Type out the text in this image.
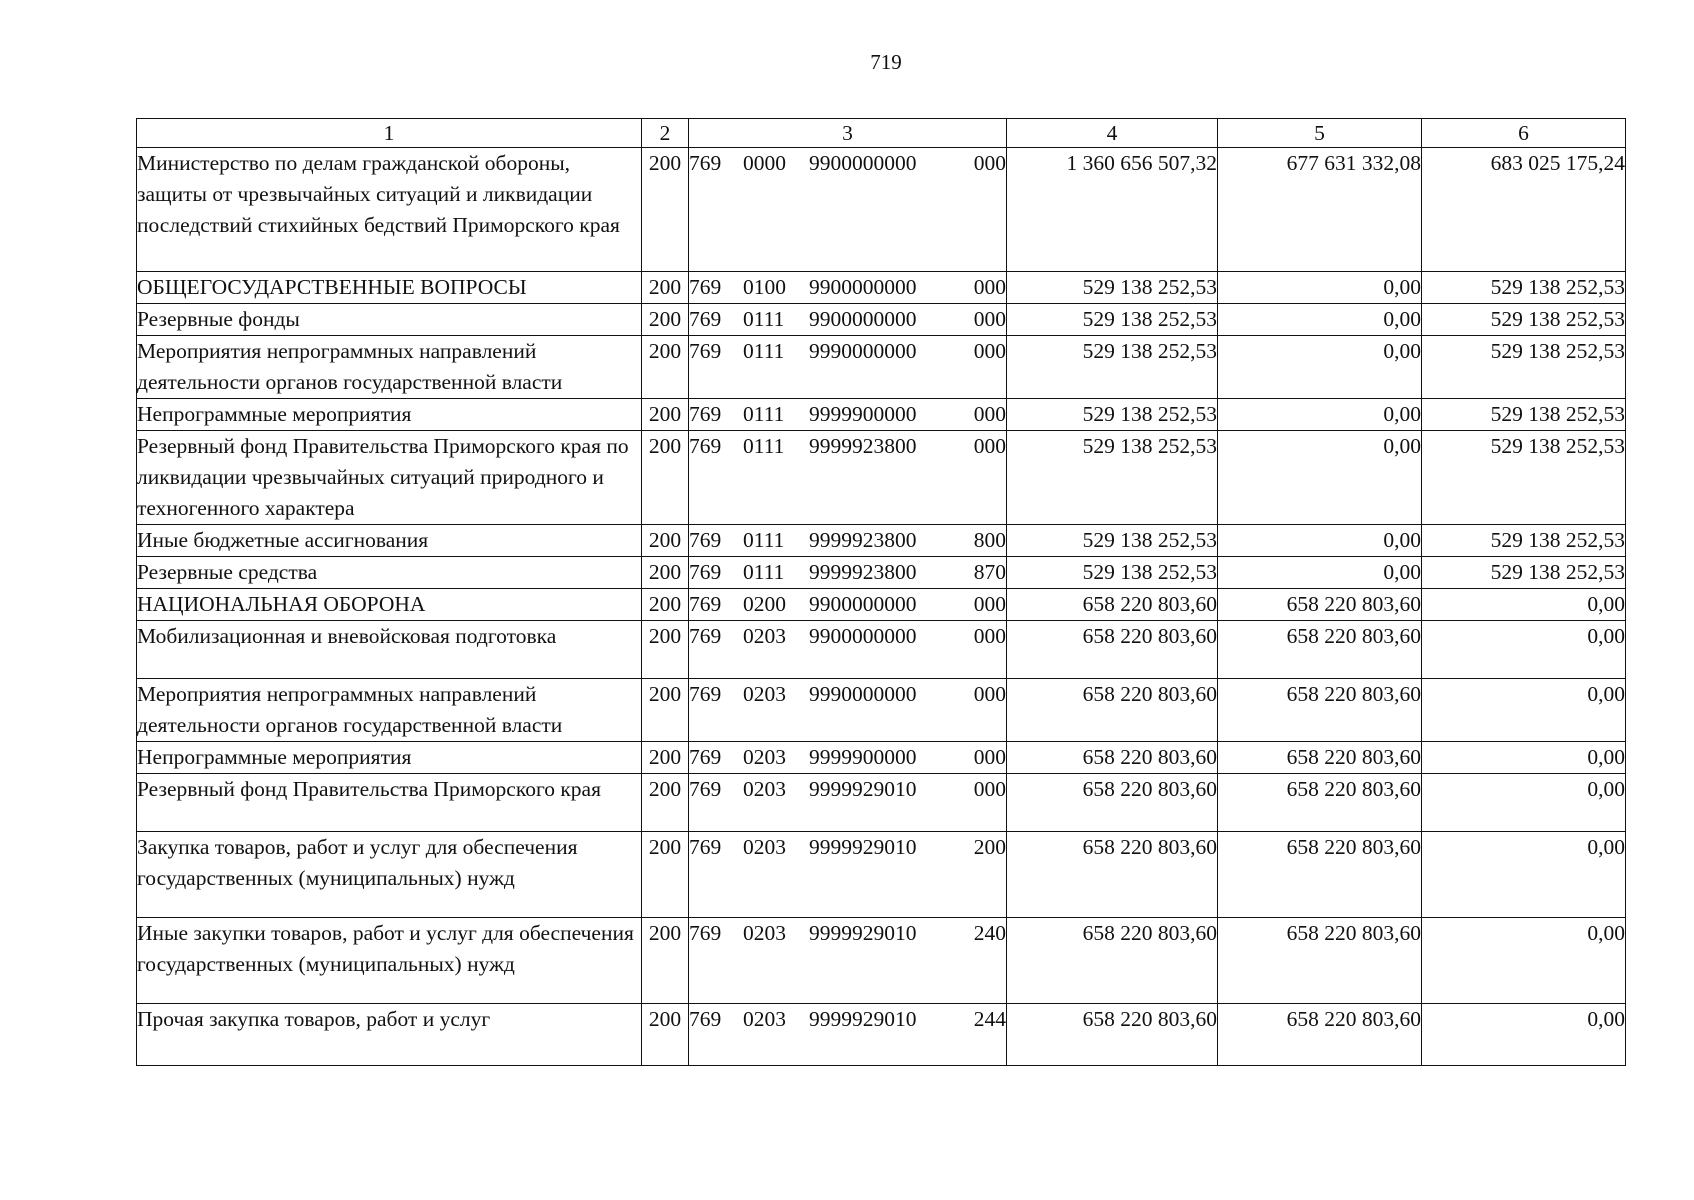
719
1	2	3	4	5	6
Министерство по делам гражданской обороны, защиты от чрезвычайных ситуаций и ликвидации последствий стихийных бедствий Приморского края	200	769 0000 9900000000 000	1 360 656 507,32	677 631 332,08	683 025 175,24
ОБЩЕГОСУДАРСТВЕННЫЕ ВОПРОСЫ	200	769 0100 9900000000 000	529 138 252,53	0,00	529 138 252,53
Резервные фонды	200	769 0111 9900000000 000	529 138 252,53	0,00	529 138 252,53
Мероприятия непрограммных направлений деятельности органов государственной власти	200	769 0111 9990000000 000	529 138 252,53	0,00	529 138 252,53
Непрограммные мероприятия	200	769 0111 9999900000 000	529 138 252,53	0,00	529 138 252,53
Резервный фонд Правительства Приморского края по ликвидации чрезвычайных ситуаций природного и техногенного характера	200	769 0111 9999923800 000	529 138 252,53	0,00	529 138 252,53
Иные бюджетные ассигнования	200	769 0111 9999923800 800	529 138 252,53	0,00	529 138 252,53
Резервные средства	200	769 0111 9999923800 870	529 138 252,53	0,00	529 138 252,53
НАЦИОНАЛЬНАЯ ОБОРОНА	200	769 0200 9900000000 000	658 220 803,60	658 220 803,60	0,00
Мобилизационная и вневойсковая подготовка	200	769 0203 9900000000 000	658 220 803,60	658 220 803,60	0,00
Мероприятия непрограммных направлений деятельности органов государственной власти	200	769 0203 9990000000 000	658 220 803,60	658 220 803,60	0,00
Непрограммные мероприятия	200	769 0203 9999900000 000	658 220 803,60	658 220 803,60	0,00
Резервный фонд Правительства Приморского края	200	769 0203 9999929010 000	658 220 803,60	658 220 803,60	0,00
Закупка товаров, работ и услуг для обеспечения государственных (муниципальных) нужд	200	769 0203 9999929010 200	658 220 803,60	658 220 803,60	0,00
Иные закупки товаров, работ и услуг для обеспечения государственных (муниципальных) нужд	200	769 0203 9999929010 240	658 220 803,60	658 220 803,60	0,00
Прочая закупка товаров, работ и услуг	200	769 0203 9999929010 244	658 220 803,60	658 220 803,60	0,00
